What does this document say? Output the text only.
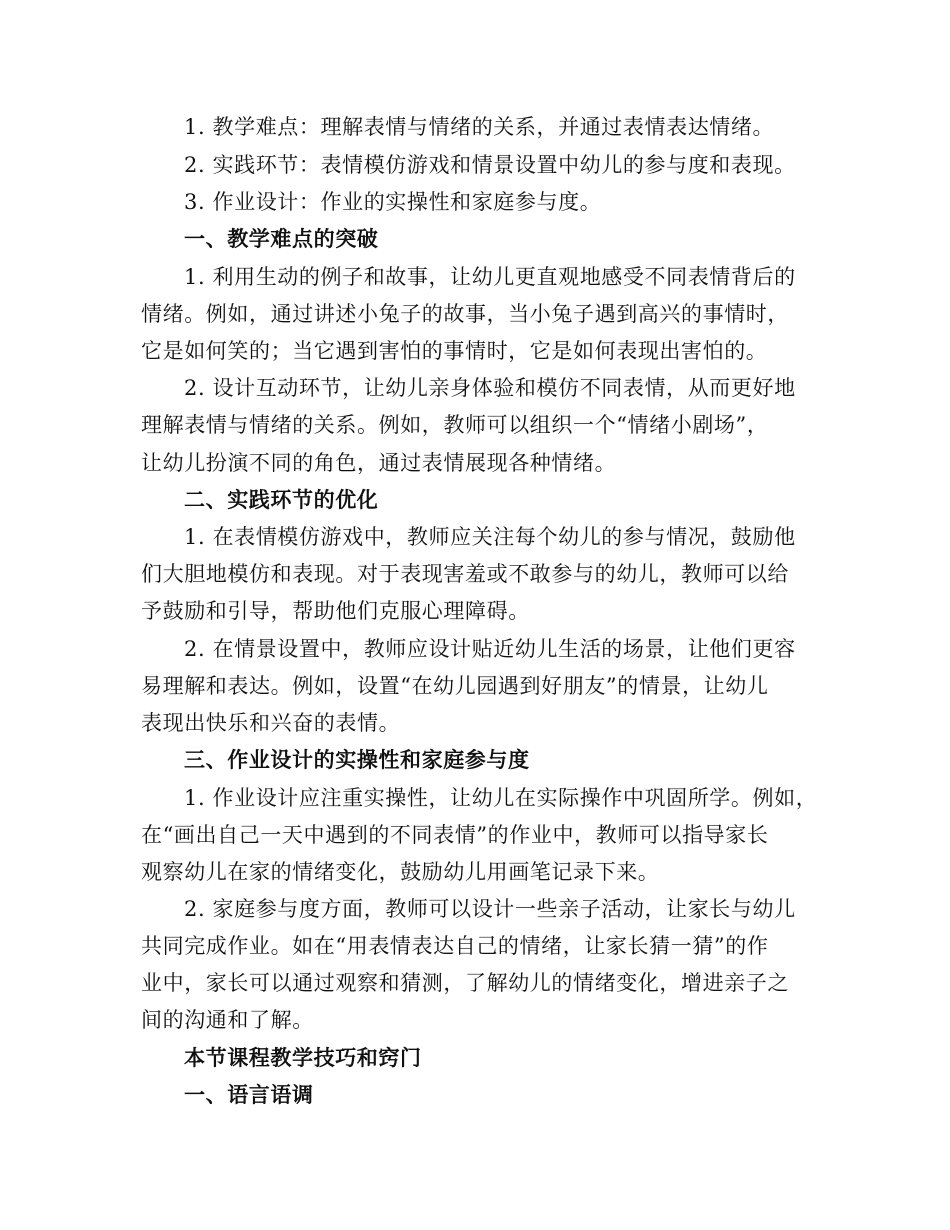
1. 教学难点：理解表情与情绪的关系，并通过表情表达情绪。
2. 实践环节：表情模仿游戏和情景设置中幼儿的参与度和表现。
3. 作业设计：作业的实操性和家庭参与度。
一、教学难点的突破
1. 利用生动的例子和故事，让幼儿更直观地感受不同表情背后的
情绪。例如，通过讲述小兔子的故事，当小兔子遇到高兴的事情时，
它是如何笑的；当它遇到害怕的事情时，它是如何表现出害怕的。
2. 设计互动环节，让幼儿亲身体验和模仿不同表情，从而更好地
理解表情与情绪的关系。例如，教师可以组织一个“情绪小剧场”，
让幼儿扮演不同的角色，通过表情展现各种情绪。
二、实践环节的优化
1. 在表情模仿游戏中，教师应关注每个幼儿的参与情况，鼓励他
们大胆地模仿和表现。对于表现害羞或不敢参与的幼儿，教师可以给
予鼓励和引导，帮助他们克服心理障碍。
2. 在情景设置中，教师应设计贴近幼儿生活的场景，让他们更容
易理解和表达。例如，设置“在幼儿园遇到好朋友”的情景，让幼儿
表现出快乐和兴奋的表情。
三、作业设计的实操性和家庭参与度
1. 作业设计应注重实操性，让幼儿在实际操作中巩固所学。例如，
在“画出自己一天中遇到的不同表情”的作业中，教师可以指导家长
观察幼儿在家的情绪变化，鼓励幼儿用画笔记录下来。
2. 家庭参与度方面，教师可以设计一些亲子活动，让家长与幼儿
共同完成作业。如在“用表情表达自己的情绪，让家长猜一猜”的作
业中，家长可以通过观察和猜测，了解幼儿的情绪变化，增进亲子之
间的沟通和了解。
本节课程教学技巧和窍门
一、语言语调
